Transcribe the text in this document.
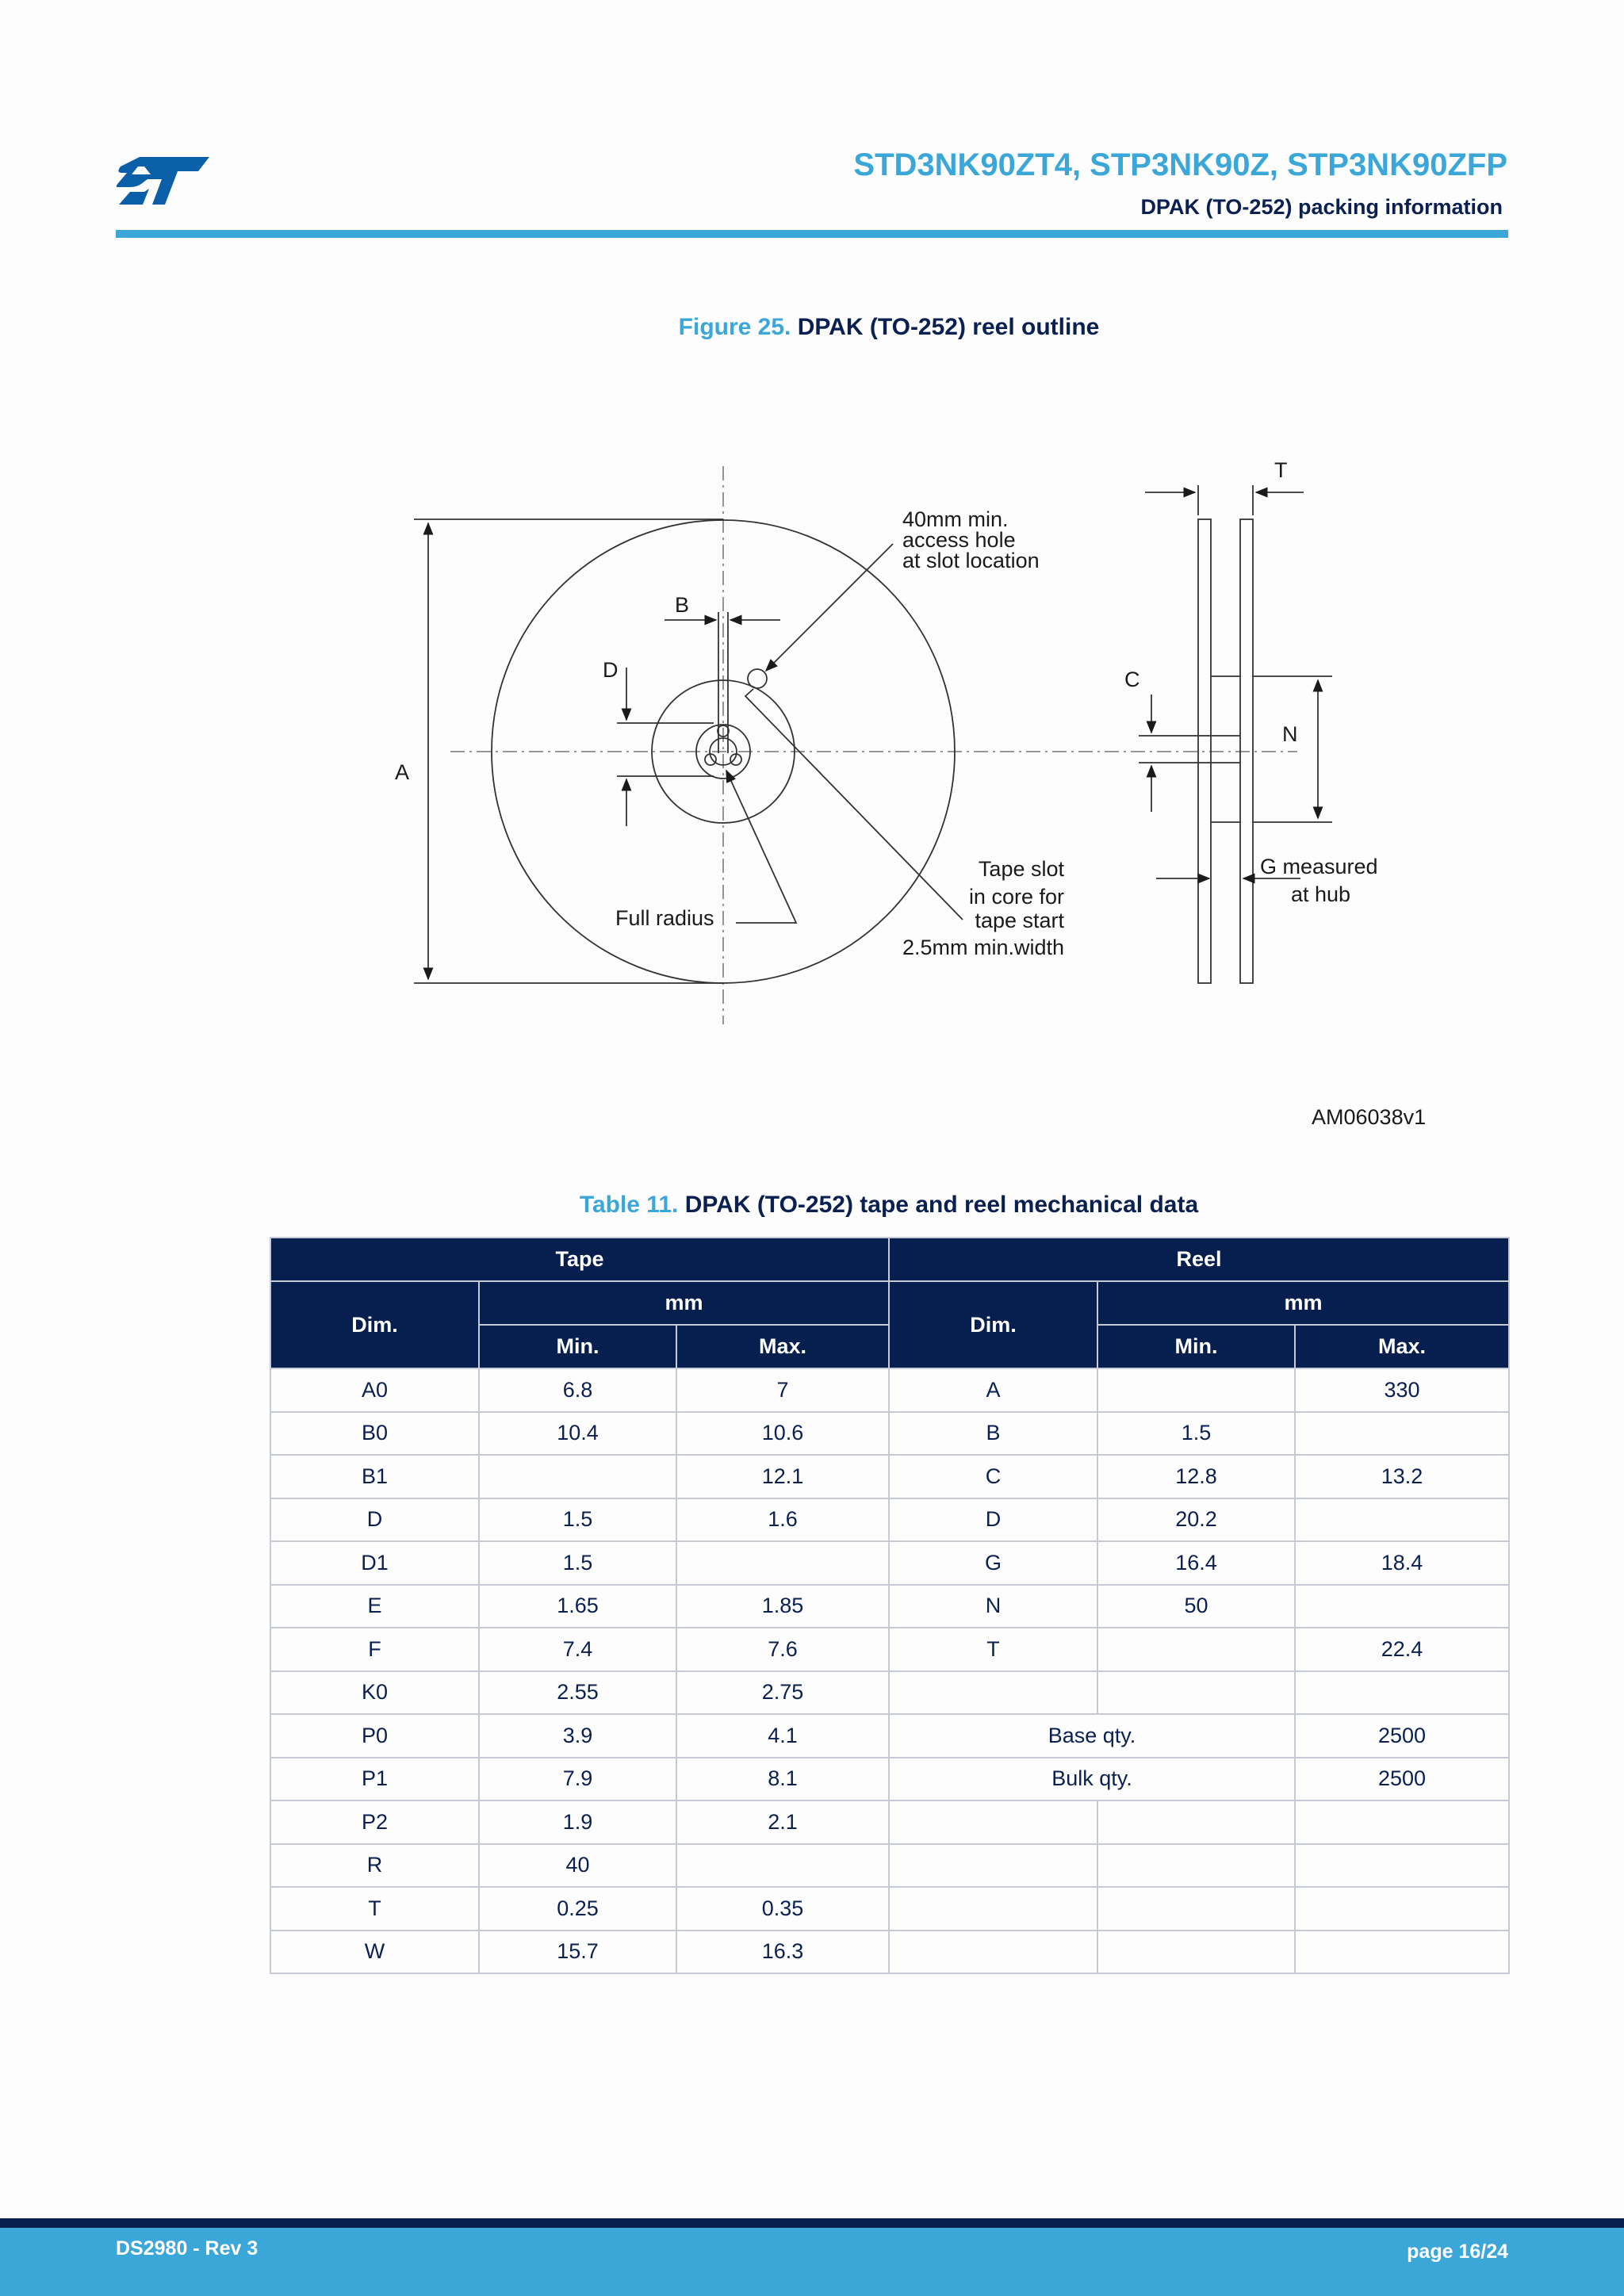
STD3NK90ZT4, STP3NK90Z, STP3NK90ZFP
DPAK (TO-252) packing information
Figure 25. DPAK (TO-252) reel outline
A
B
C
D
N
T
40mm min.
access hole
at slot location
Full radius
Tape slot
in core for
tape start
2.5mm min.width
G measured
at hub
AM06038v1
Table 11. DPAK (TO-252) tape and reel mechanical data
Tape			Reel		
Dim.	mm		Dim.	mm	
	Min.	Max.		Min.	Max.
A0	6.8	7	A		330
B0	10.4	10.6	B	1.5	
B1		12.1	C	12.8	13.2
D	1.5	1.6	D	20.2	
D1	1.5		G	16.4	18.4
E	1.65	1.85	N	50	
F	7.4	7.6	T		22.4
K0	2.55	2.75			
P0	3.9	4.1	Base qty.		2500
P1	7.9	8.1	Bulk qty.		2500
P2	1.9	2.1			
R	40				
T	0.25	0.35			
W	15.7	16.3			
DS2980 - Rev 3	page 16/24
